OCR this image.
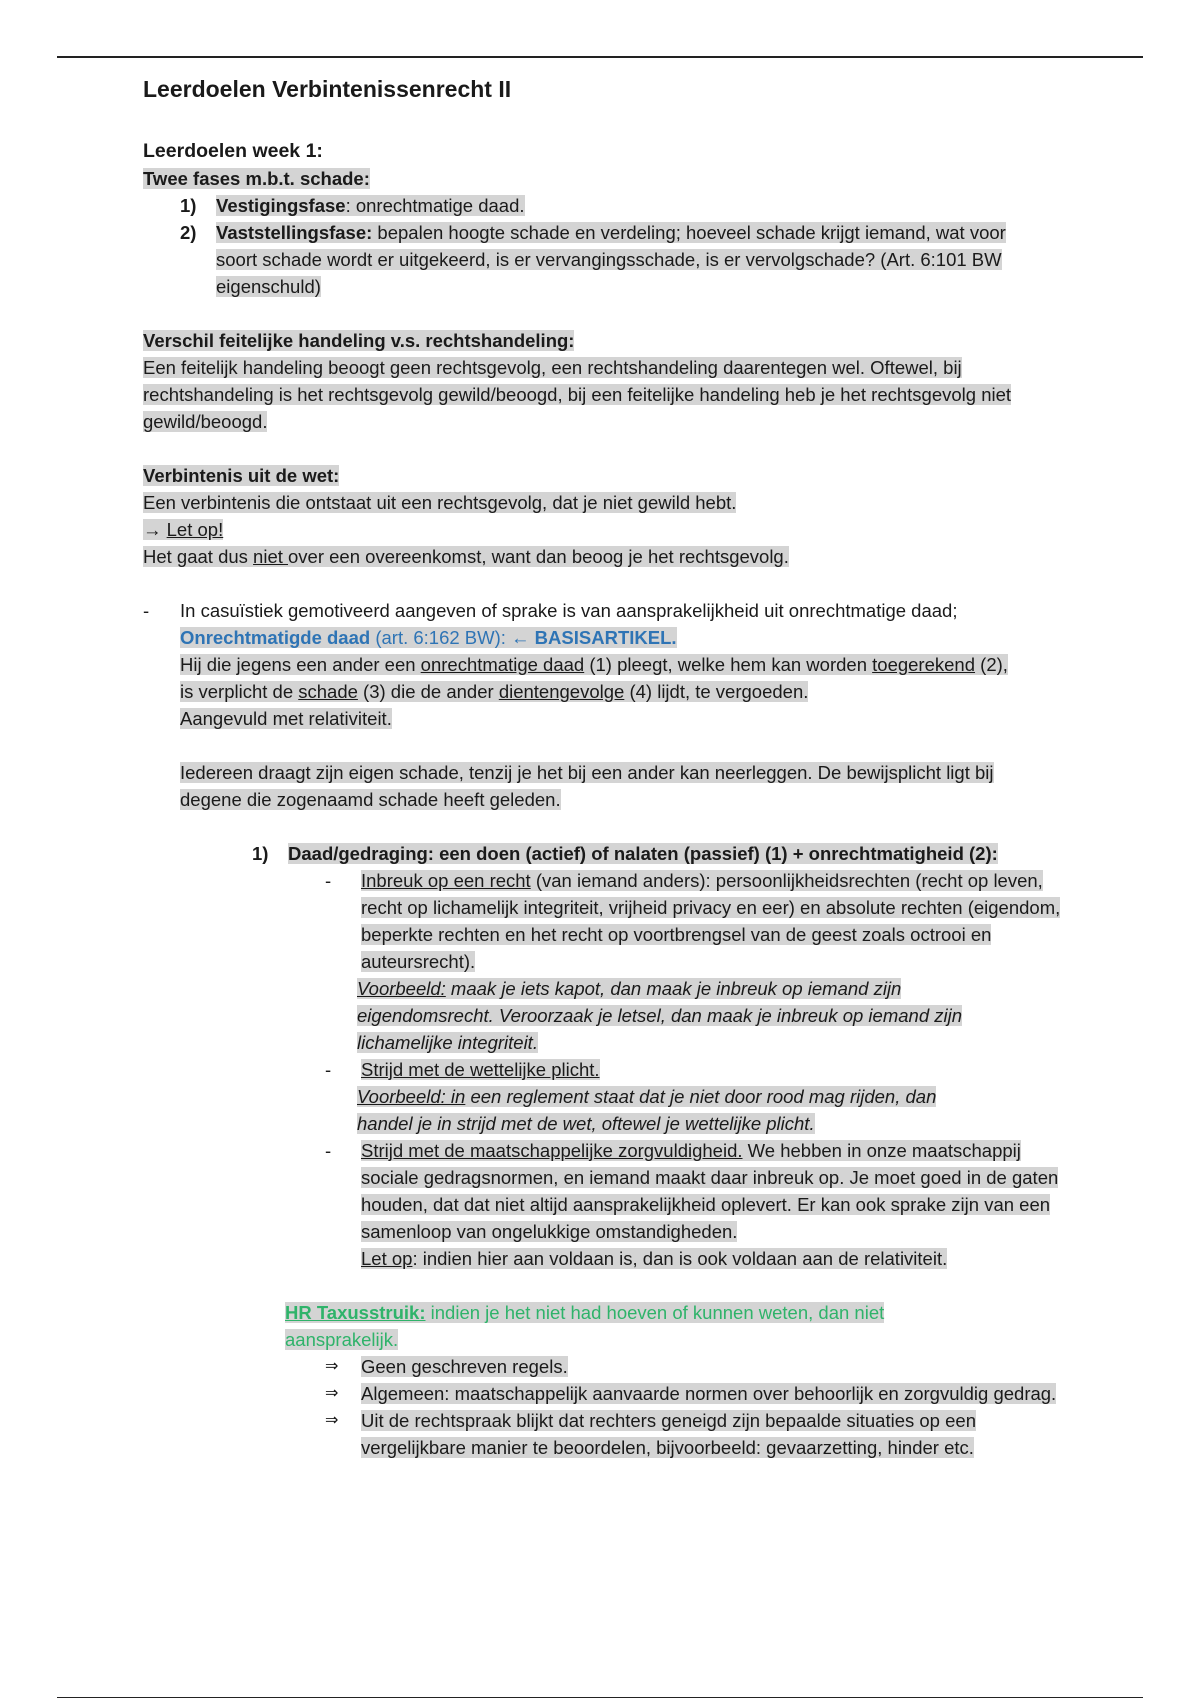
Leerdoelen Verbintenissenrecht II
Leerdoelen week 1:
Twee fases m.b.t. schade:
1) Vestigingsfase: onrechtmatige daad.
2) Vaststellingsfase: bepalen hoogte schade en verdeling; hoeveel schade krijgt iemand, wat voor soort schade wordt er uitgekeerd, is er vervangingsschade, is er vervolgschade? (Art. 6:101 BW eigenschuld)
Verschil feitelijke handeling v.s. rechtshandeling:
Een feitelijk handeling beoogt geen rechtsgevolg, een rechtshandeling daarentegen wel. Oftewel, bij rechtshandeling is het rechtsgevolg gewild/beoogd, bij een feitelijke handeling heb je het rechtsgevolg niet gewild/beoogd.
Verbintenis uit de wet:
Een verbintenis die ontstaat uit een rechtsgevolg, dat je niet gewild hebt.
→ Let op!
Het gaat dus niet over een overeenkomst, want dan beoog je het rechtsgevolg.
- In casuïstiek gemotiveerd aangeven of sprake is van aansprakelijkheid uit onrechtmatige daad;
Onrechtmatigde daad (art. 6:162 BW): ← BASISARTIKEL.
Hij die jegens een ander een onrechtmatige daad (1) pleegt, welke hem kan worden toegerekend (2), is verplicht de schade (3) die de ander dientengevolge (4) lijdt, te vergoeden.
Aangevuld met relativiteit.
Iedereen draagt zijn eigen schade, tenzij je het bij een ander kan neerleggen. De bewijsplicht ligt bij degene die zogenaamd schade heeft geleden.
1) Daad/gedraging: een doen (actief) of nalaten (passief) (1) + onrechtmatigheid (2):
- Inbreuk op een recht (van iemand anders): persoonlijkheidsrechten (recht op leven, recht op lichamelijk integriteit, vrijheid privacy en eer) en absolute rechten (eigendom, beperkte rechten en het recht op voortbrengsel van de geest zoals octrooi en auteursrecht).
Voorbeeld: maak je iets kapot, dan maak je inbreuk op iemand zijn eigendomsrecht. Veroorzaak je letsel, dan maak je inbreuk op iemand zijn lichamelijke integriteit.
- Strijd met de wettelijke plicht.
Voorbeeld: in een reglement staat dat je niet door rood mag rijden, dan handel je in strijd met de wet, oftewel je wettelijke plicht.
- Strijd met de maatschappelijke zorgvuldigheid. We hebben in onze maatschappij sociale gedragsnormen, en iemand maakt daar inbreuk op. Je moet goed in de gaten houden, dat dat niet altijd aansprakelijkheid oplevert. Er kan ook sprake zijn van een samenloop van ongelukkige omstandigheden.
Let op: indien hier aan voldaan is, dan is ook voldaan aan de relativiteit.
HR Taxusstruik: indien je het niet had hoeven of kunnen weten, dan niet aansprakelijk.
⇒ Geen geschreven regels.
⇒ Algemeen: maatschappelijk aanvaarde normen over behoorlijk en zorgvuldig gedrag.
⇒ Uit de rechtspraak blijkt dat rechters geneigd zijn bepaalde situaties op een vergelijkbare manier te beoordelen, bijvoorbeeld: gevaarzetting, hinder etc.
